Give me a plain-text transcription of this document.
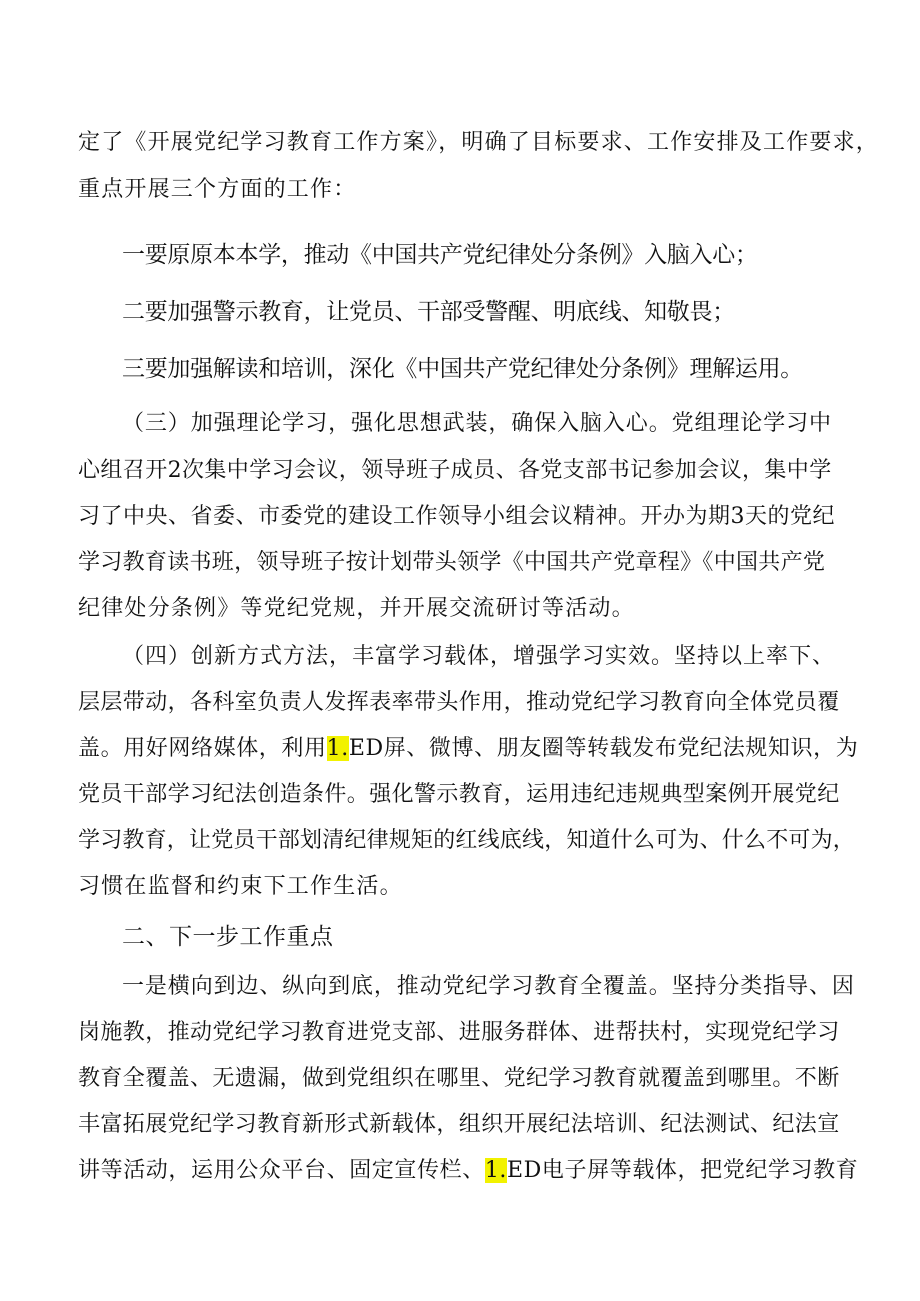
定了《开展党纪学习教育工作方案》，明确了目标要求、工作安排及工作要求，
重点开展三个方面的工作：
一要原原本本学，推动《中国共产党纪律处分条例》入脑入心；
二要加强警示教育，让党员、干部受警醒、明底线、知敬畏；
三要加强解读和培训，深化《中国共产党纪律处分条例》理解运用。
（三）加强理论学习，强化思想武装，确保入脑入心。党组理论学习中
心组召开2次集中学习会议，领导班子成员、各党支部书记参加会议，集中学
习了中央、省委、市委党的建设工作领导小组会议精神。开办为期3天的党纪
学习教育读书班，领导班子按计划带头领学《中国共产党章程》《中国共产党
纪律处分条例》等党纪党规，并开展交流研讨等活动。
（四）创新方式方法，丰富学习载体，增强学习实效。坚持以上率下、
层层带动，各科室负责人发挥表率带头作用，推动党纪学习教育向全体党员覆
盖。用好网络媒体，利用1.ED屏、微博、朋友圈等转载发布党纪法规知识，为
党员干部学习纪法创造条件。强化警示教育，运用违纪违规典型案例开展党纪
学习教育，让党员干部划清纪律规矩的红线底线，知道什么可为、什么不可为，
习惯在监督和约束下工作生活。
二、下一步工作重点
一是横向到边、纵向到底，推动党纪学习教育全覆盖。坚持分类指导、因
岗施教，推动党纪学习教育进党支部、进服务群体、进帮扶村，实现党纪学习
教育全覆盖、无遗漏，做到党组织在哪里、党纪学习教育就覆盖到哪里。不断
丰富拓展党纪学习教育新形式新载体，组织开展纪法培训、纪法测试、纪法宣
讲等活动，运用公众平台、固定宣传栏、1.ED电子屏等载体，把党纪学习教育
